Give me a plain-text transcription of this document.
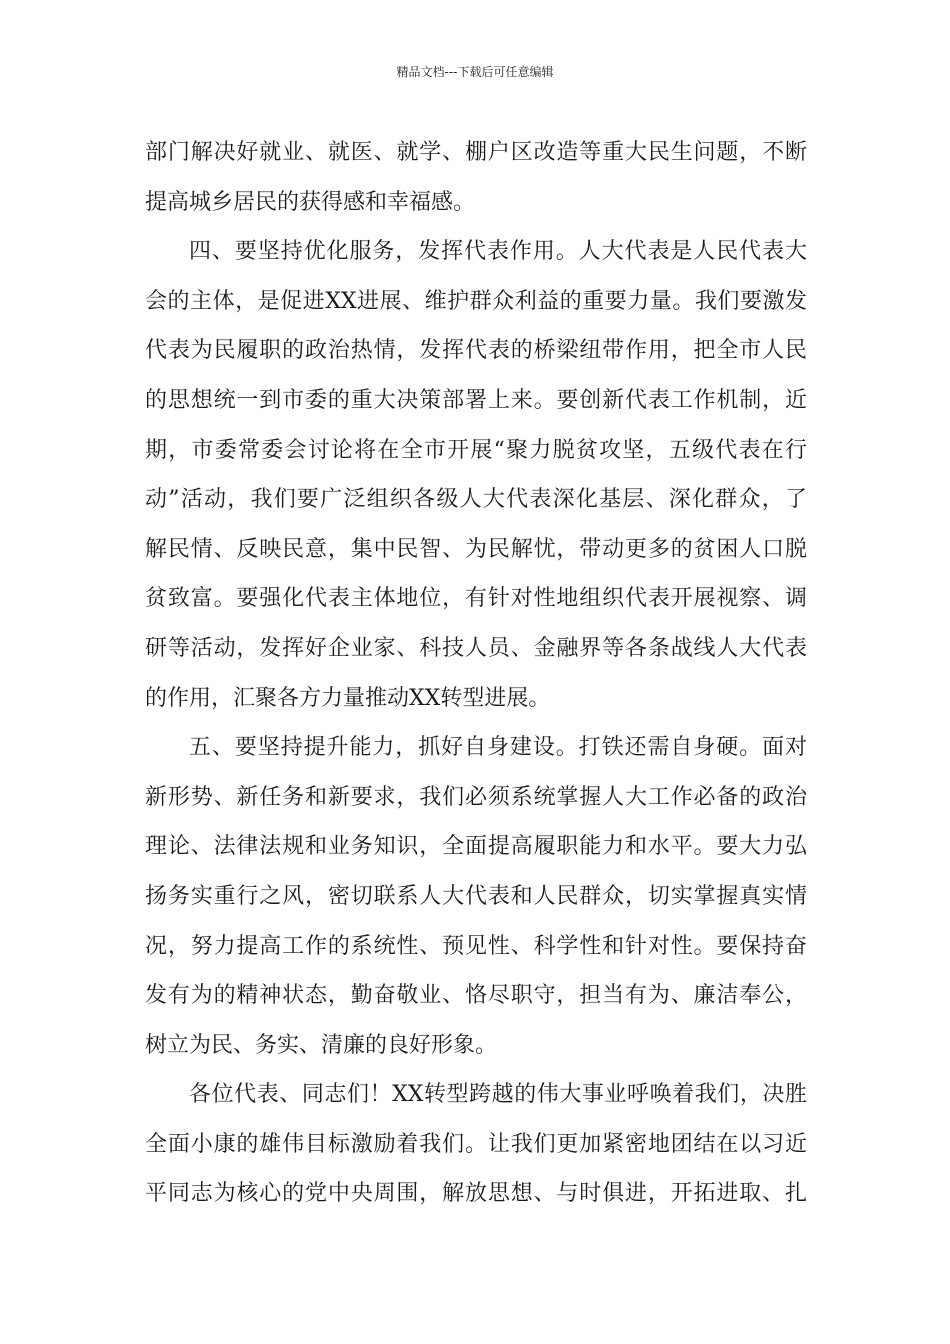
精品文档---下载后可任意编辑
部门解决好就业、就医、就学、棚户区改造等重大民生问题，不断
提高城乡居民的获得感和幸福感。
四、要坚持优化服务，发挥代表作用。人大代表是人民代表大
会的主体，是促进XX进展、维护群众利益的重要力量。我们要激发
代表为民履职的政治热情，发挥代表的桥梁纽带作用，把全市人民
的思想统一到市委的重大决策部署上来。要创新代表工作机制，近
期，市委常委会讨论将在全市开展“聚力脱贫攻坚，五级代表在行
动”活动，我们要广泛组织各级人大代表深化基层、深化群众，了
解民情、反映民意，集中民智、为民解忧，带动更多的贫困人口脱
贫致富。要强化代表主体地位，有针对性地组织代表开展视察、调
研等活动，发挥好企业家、科技人员、金融界等各条战线人大代表
的作用，汇聚各方力量推动XX转型进展。
五、要坚持提升能力，抓好自身建设。打铁还需自身硬。面对
新形势、新任务和新要求，我们必须系统掌握人大工作必备的政治
理论、法律法规和业务知识，全面提高履职能力和水平。要大力弘
扬务实重行之风，密切联系人大代表和人民群众，切实掌握真实情
况，努力提高工作的系统性、预见性、科学性和针对性。要保持奋
发有为的精神状态，勤奋敬业、恪尽职守，担当有为、廉洁奉公，
树立为民、务实、清廉的良好形象。
各位代表、同志们！XX转型跨越的伟大事业呼唤着我们，决胜
全面小康的雄伟目标激励着我们。让我们更加紧密地团结在以习近
平同志为核心的党中央周围，解放思想、与时俱进，开拓进取、扎
